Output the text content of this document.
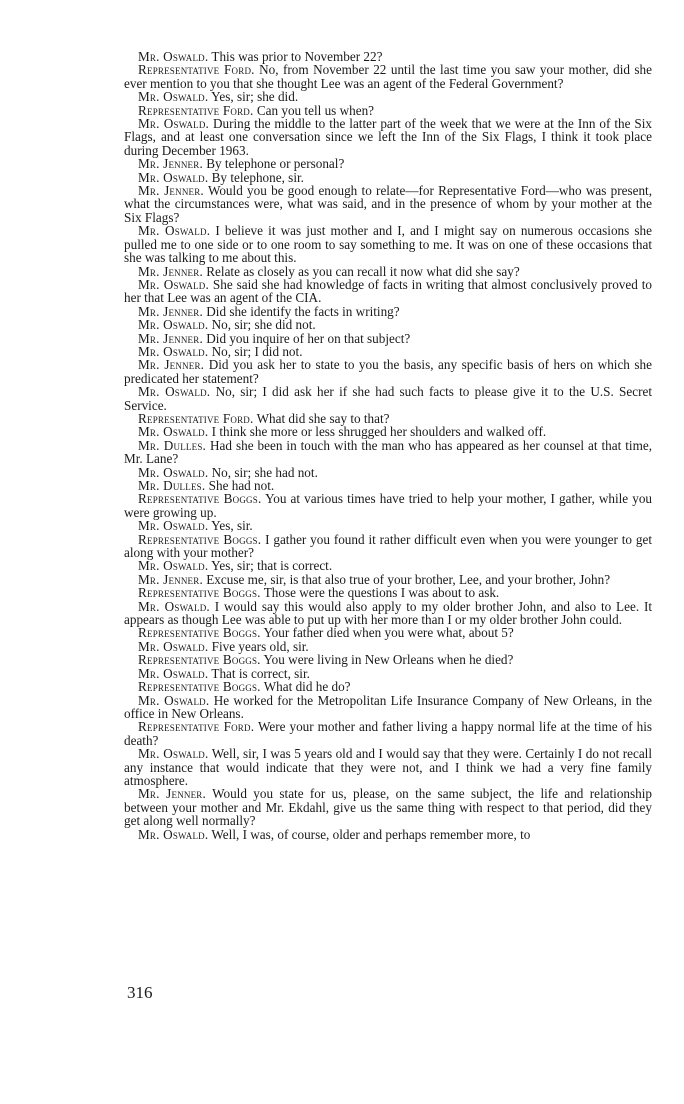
Mr. Oswald. This was prior to November 22?

Representative Ford. No, from November 22 until the last time you saw your mother, did she ever mention to you that she thought Lee was an agent of the Federal Government?

Mr. Oswald. Yes, sir; she did.

Representative Ford. Can you tell us when?

Mr. Oswald. During the middle to the latter part of the week that we were at the Inn of the Six Flags, and at least one conversation since we left the Inn of the Six Flags, I think it took place during December 1963.

Mr. Jenner. By telephone or personal?

Mr. Oswald. By telephone, sir.

Mr. Jenner. Would you be good enough to relate—for Representative Ford—who was present, what the circumstances were, what was said, and in the presence of whom by your mother at the Six Flags?

Mr. Oswald. I believe it was just mother and I, and I might say on numerous occasions she pulled me to one side or to one room to say something to me. It was on one of these occasions that she was talking to me about this.

Mr. Jenner. Relate as closely as you can recall it now what did she say?

Mr. Oswald. She said she had knowledge of facts in writing that almost conclusively proved to her that Lee was an agent of the CIA.

Mr. Jenner. Did she identify the facts in writing?

Mr. Oswald. No, sir; she did not.

Mr. Jenner. Did you inquire of her on that subject?

Mr. Oswald. No, sir; I did not.

Mr. Jenner. Did you ask her to state to you the basis, any specific basis of hers on which she predicated her statement?

Mr. Oswald. No, sir; I did ask her if she had such facts to please give it to the U.S. Secret Service.

Representative Ford. What did she say to that?

Mr. Oswald. I think she more or less shrugged her shoulders and walked off.

Mr. Dulles. Had she been in touch with the man who has appeared as her counsel at that time, Mr. Lane?

Mr. Oswald. No, sir; she had not.

Mr. Dulles. She had not.

Representative Boggs. You at various times have tried to help your mother, I gather, while you were growing up.

Mr. Oswald. Yes, sir.

Representative Boggs. I gather you found it rather difficult even when you were younger to get along with your mother?

Mr. Oswald. Yes, sir; that is correct.

Mr. Jenner. Excuse me, sir, is that also true of your brother, Lee, and your brother, John?

Representative Boggs. Those were the questions I was about to ask.

Mr. Oswald. I would say this would also apply to my older brother John, and also to Lee. It appears as though Lee was able to put up with her more than I or my older brother John could.

Representative Boggs. Your father died when you were what, about 5?

Mr. Oswald. Five years old, sir.

Representative Boggs. You were living in New Orleans when he died?

Mr. Oswald. That is correct, sir.

Representative Boggs. What did he do?

Mr. Oswald. He worked for the Metropolitan Life Insurance Company of New Orleans, in the office in New Orleans.

Representative Ford. Were your mother and father living a happy normal life at the time of his death?

Mr. Oswald. Well, sir, I was 5 years old and I would say that they were. Certainly I do not recall any instance that would indicate that they were not, and I think we had a very fine family atmosphere.

Mr. Jenner. Would you state for us, please, on the same subject, the life and relationship between your mother and Mr. Ekdahl, give us the same thing with respect to that period, did they get along well normally?

Mr. Oswald. Well, I was, of course, older and perhaps remember more, to

316
